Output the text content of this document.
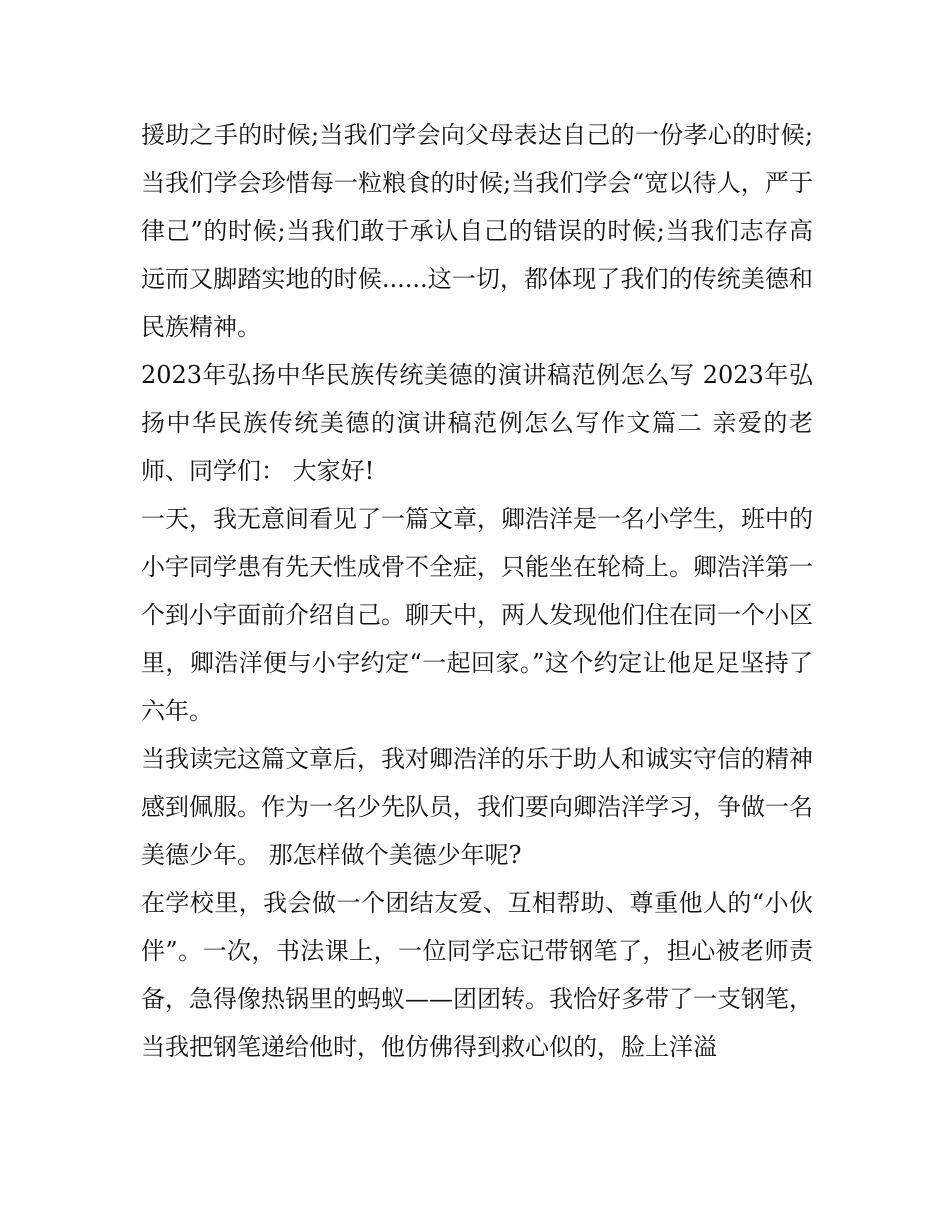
援助之手的时候;当我们学会向父母表达自己的一份孝心的时候;当我们学会珍惜每一粒粮食的时候;当我们学会“宽以待人，严于律己”的时候;当我们敢于承认自己的错误的时候;当我们志存高远而又脚踏实地的时候......这一切，都体现了我们的传统美德和民族精神。

2023年弘扬中华民族传统美德的演讲稿范例怎么写 2023年弘扬中华民族传统美德的演讲稿范例怎么写作文篇二 亲爱的老师、同学们： 大家好!

一天，我无意间看见了一篇文章，卿浩洋是一名小学生，班中的小宇同学患有先天性成骨不全症，只能坐在轮椅上。卿浩洋第一个到小宇面前介绍自己。聊天中，两人发现他们住在同一个小区里，卿浩洋便与小宇约定“一起回家。”这个约定让他足足坚持了六年。

当我读完这篇文章后，我对卿浩洋的乐于助人和诚实守信的精神感到佩服。作为一名少先队员，我们要向卿浩洋学习，争做一名美德少年。 那怎样做个美德少年呢?

在学校里，我会做一个团结友爱、互相帮助、尊重他人的“小伙伴”。一次，书法课上，一位同学忘记带钢笔了，担心被老师责备，急得像热锅里的蚂蚁——团团转。我恰好多带了一支钢笔，当我把钢笔递给他时，他仿佛得到救心似的，脸上洋溢
